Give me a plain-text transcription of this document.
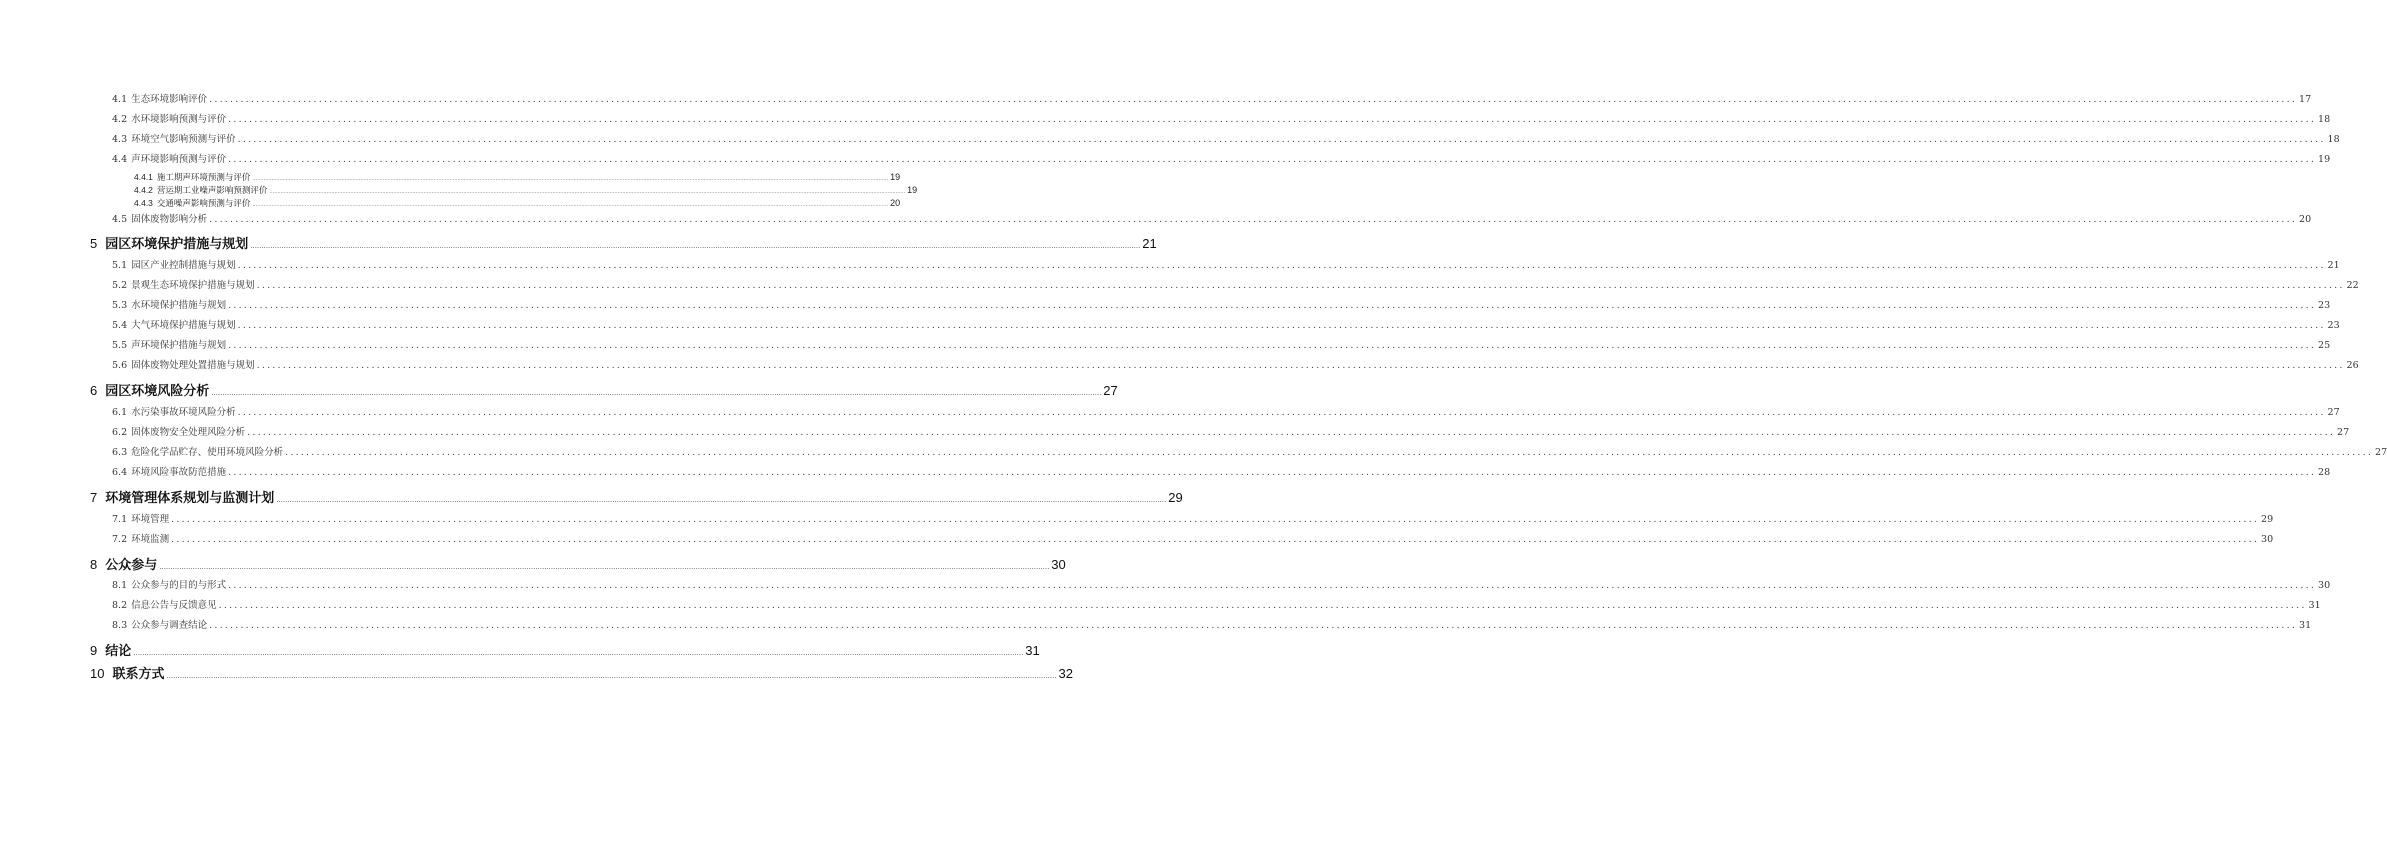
4.1 生态环境影响评价 ................................................................................................................................................................................................................................................................................................................................................................................................................ 17
4.2 水环境影响预测与评价 ................................................................................................................................................................................................................................................................................................................................................................................................................ 18
4.3 环境空气影响预测与评价 ................................................................................................................................................................................................................................................................................................................................................................................................................ 18
4.4 声环境影响预测与评价 ................................................................................................................................................................................................................................................................................................................................................................................................................ 19
4.4.1 施工期声环境预测与评价 ................................................................................................................................................................................................................................................................................................................................................................................................................ 19
4.4.2 营运期工业噪声影响预测评价 ................................................................................................................................................................................................................................................................................................................................................................................................................ 19
4.4.3 交通噪声影响预测与评价 ................................................................................................................................................................................................................................................................................................................................................................................................................ 20
4.5 固体废物影响分析 ................................................................................................................................................................................................................................................................................................................................................................................................................ 20
5 园区环境保护措施与规划 ................................................................................................................................................................................................................................................................................................................................................................................................................ 21
5.1 园区产业控制措施与规划 ................................................................................................................................................................................................................................................................................................................................................................................................................ 21
5.2 景观生态环境保护措施与规划 ................................................................................................................................................................................................................................................................................................................................................................................................................ 22
5.3 水环境保护措施与规划 ................................................................................................................................................................................................................................................................................................................................................................................................................ 23
5.4 大气环境保护措施与规划 ................................................................................................................................................................................................................................................................................................................................................................................................................ 23
5.5 声环境保护措施与规划 ................................................................................................................................................................................................................................................................................................................................................................................................................ 25
5.6 固体废物处理处置措施与规划 ................................................................................................................................................................................................................................................................................................................................................................................................................ 26
6 园区环境风险分析 ................................................................................................................................................................................................................................................................................................................................................................................................................ 27
6.1 水污染事故环境风险分析 ................................................................................................................................................................................................................................................................................................................................................................................................................ 27
6.2 固体废物安全处理风险分析 ................................................................................................................................................................................................................................................................................................................................................................................................................ 27
6.3 危险化学品贮存、使用环境风险分析 ................................................................................................................................................................................................................................................................................................................................................................................................................ 27
6.4 环境风险事故防范措施 ................................................................................................................................................................................................................................................................................................................................................................................................................ 28
7 环境管理体系规划与监测计划 ................................................................................................................................................................................................................................................................................................................................................................................................................ 29
7.1 环境管理 ................................................................................................................................................................................................................................................................................................................................................................................................................ 29
7.2 环境监测 ................................................................................................................................................................................................................................................................................................................................................................................................................ 30
8 公众参与 ................................................................................................................................................................................................................................................................................................................................................................................................................ 30
8.1 公众参与的目的与形式 ................................................................................................................................................................................................................................................................................................................................................................................................................ 30
8.2 信息公告与反馈意见 ................................................................................................................................................................................................................................................................................................................................................................................................................ 31
8.3 公众参与调查结论 ................................................................................................................................................................................................................................................................................................................................................................................................................ 31
9 结论 ................................................................................................................................................................................................................................................................................................................................................................................................................ 31
10 联系方式 ................................................................................................................................................................................................................................................................................................................................................................................................................ 32
